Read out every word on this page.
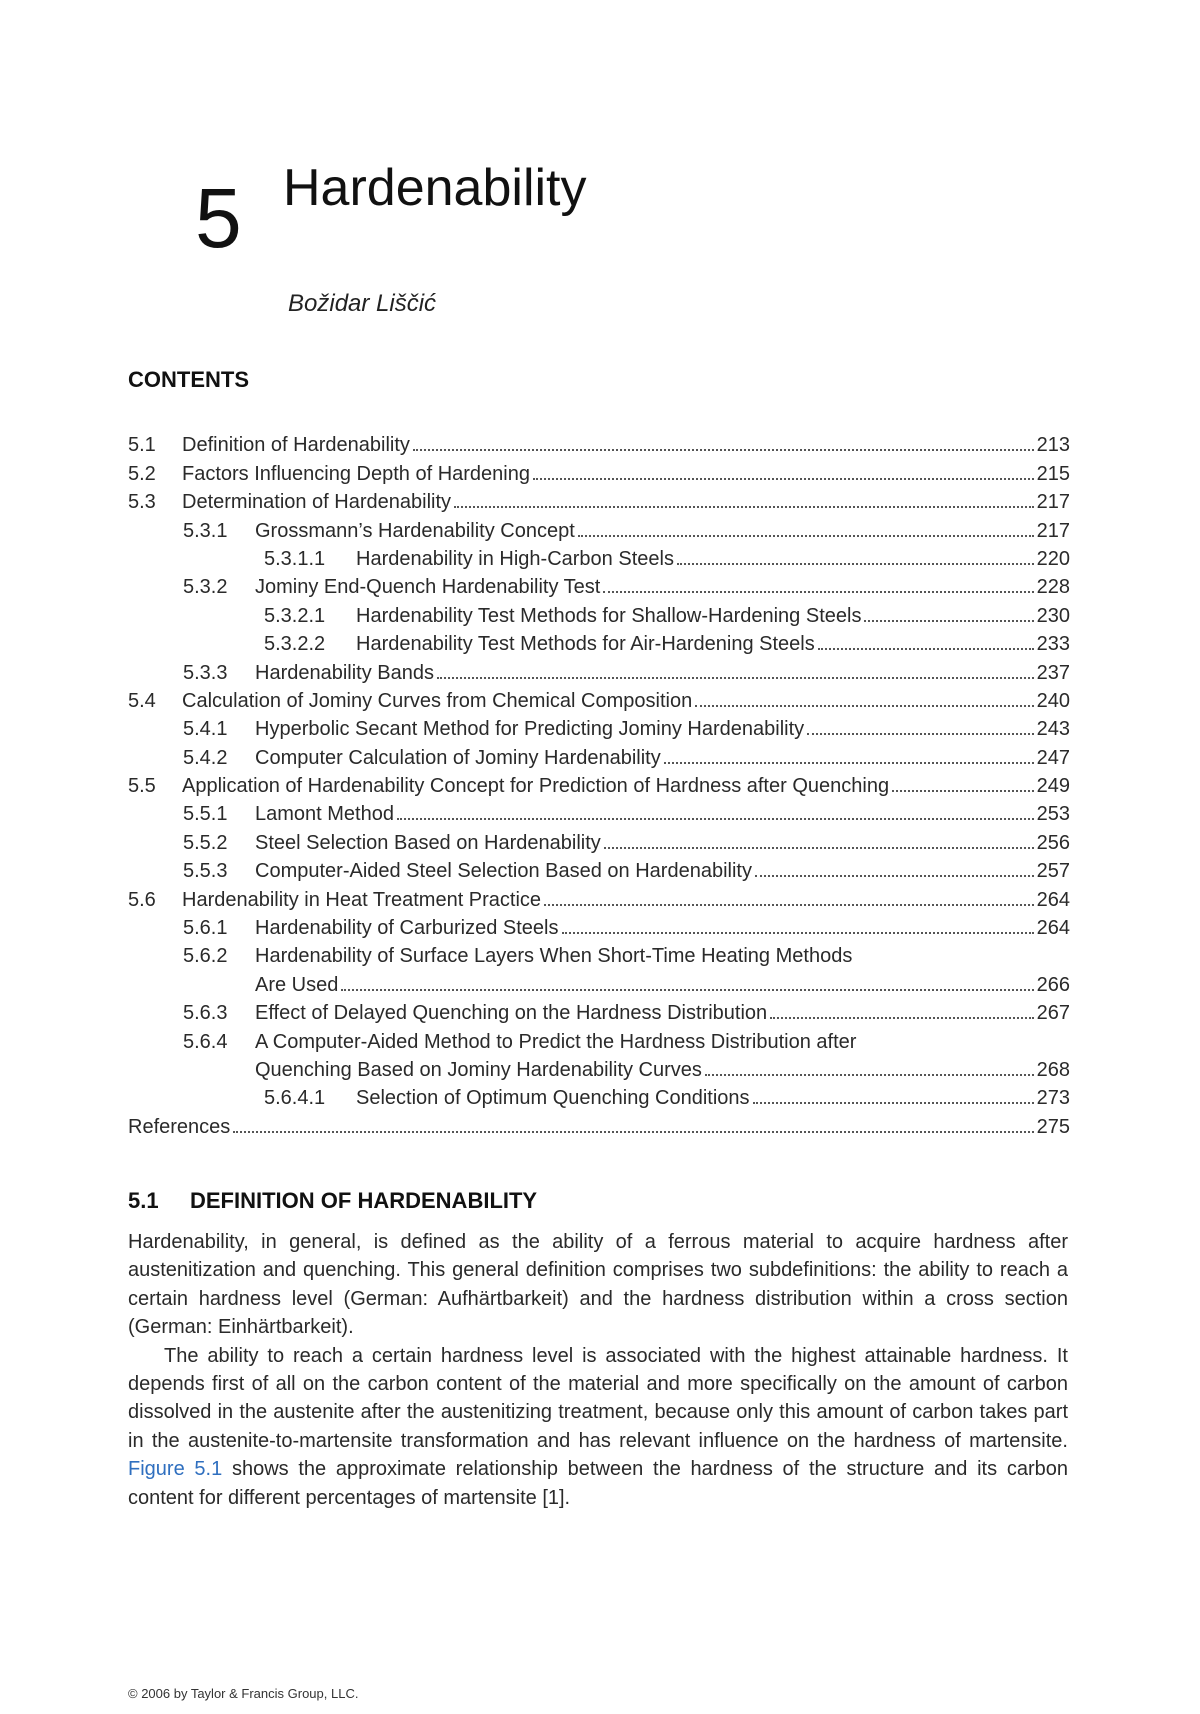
5 Hardenability
Božidar Liščić
CONTENTS
5.1	Definition of Hardenability	213
5.2	Factors Influencing Depth of Hardening	215
5.3	Determination of Hardenability	217
5.3.1	Grossmann’s Hardenability Concept	217
5.3.1.1	Hardenability in High-Carbon Steels	220
5.3.2	Jominy End-Quench Hardenability Test	228
5.3.2.1	Hardenability Test Methods for Shallow-Hardening Steels	230
5.3.2.2	Hardenability Test Methods for Air-Hardening Steels	233
5.3.3	Hardenability Bands	237
5.4	Calculation of Jominy Curves from Chemical Composition	240
5.4.1	Hyperbolic Secant Method for Predicting Jominy Hardenability	243
5.4.2	Computer Calculation of Jominy Hardenability	247
5.5	Application of Hardenability Concept for Prediction of Hardness after Quenching	249
5.5.1	Lamont Method	253
5.5.2	Steel Selection Based on Hardenability	256
5.5.3	Computer-Aided Steel Selection Based on Hardenability	257
5.6	Hardenability in Heat Treatment Practice	264
5.6.1	Hardenability of Carburized Steels	264
5.6.2	Hardenability of Surface Layers When Short-Time Heating Methods
Are Used	266
5.6.3	Effect of Delayed Quenching on the Hardness Distribution	267
5.6.4	A Computer-Aided Method to Predict the Hardness Distribution after
Quenching Based on Jominy Hardenability Curves	268
5.6.4.1	Selection of Optimum Quenching Conditions	273
References	275
5.1 DEFINITION OF HARDENABILITY

Hardenability, in general, is defined as the ability of a ferrous material to acquire hardness after austenitization and quenching. This general definition comprises two subdefinitions: the ability to reach a certain hardness level (German: Aufhärtbarkeit) and the hardness distribution within a cross section (German: Einhärtbarkeit).

The ability to reach a certain hardness level is associated with the highest attainable hardness. It depends first of all on the carbon content of the material and more specifically on the amount of carbon dissolved in the austenite after the austenitizing treatment, because only this amount of carbon takes part in the austenite-to-martensite transformation and has relevant influence on the hardness of martensite. Figure 5.1 shows the approximate relationship between the hardness of the structure and its carbon content for different percentages of martensite [1].

© 2006 by Taylor & Francis Group, LLC.
